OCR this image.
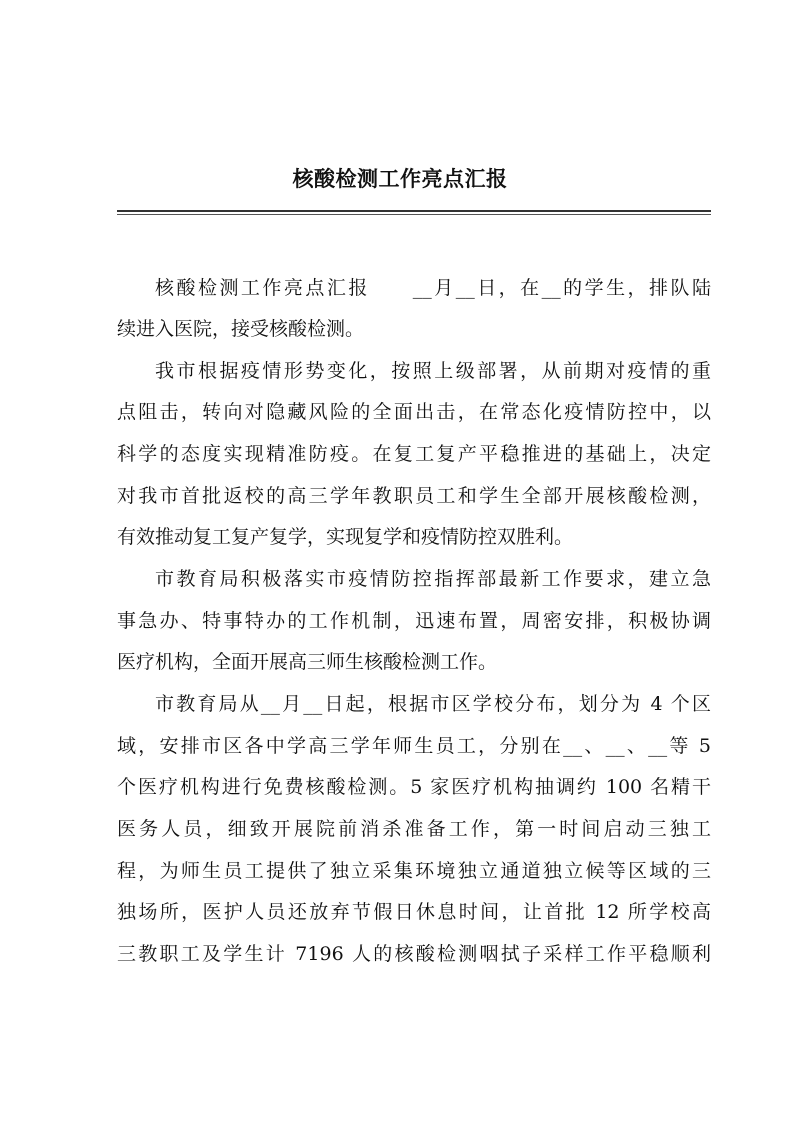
核酸检测工作亮点汇报
核酸检测工作亮点汇报　　__月__日，在__的学生，排队陆
续进入医院，接受核酸检测。
我市根据疫情形势变化，按照上级部署，从前期对疫情的重
点阻击，转向对隐藏风险的全面出击，在常态化疫情防控中，以
科学的态度实现精准防疫。在复工复产平稳推进的基础上，决定
对我市首批返校的高三学年教职员工和学生全部开展核酸检测，
有效推动复工复产复学，实现复学和疫情防控双胜利。
市教育局积极落实市疫情防控指挥部最新工作要求，建立急
事急办、特事特办的工作机制，迅速布置，周密安排，积极协调
医疗机构，全面开展高三师生核酸检测工作。
市教育局从__月__日起，根据市区学校分布，划分为 4 个区
域，安排市区各中学高三学年师生员工，分别在__、__、__等 5
个医疗机构进行免费核酸检测。5 家医疗机构抽调约 100 名精干
医务人员，细致开展院前消杀准备工作，第一时间启动三独工
程，为师生员工提供了独立采集环境独立通道独立候等区域的三
独场所，医护人员还放弃节假日休息时间，让首批 12 所学校高
三教职工及学生计 7196 人的核酸检测咽拭子采样工作平稳顺利
